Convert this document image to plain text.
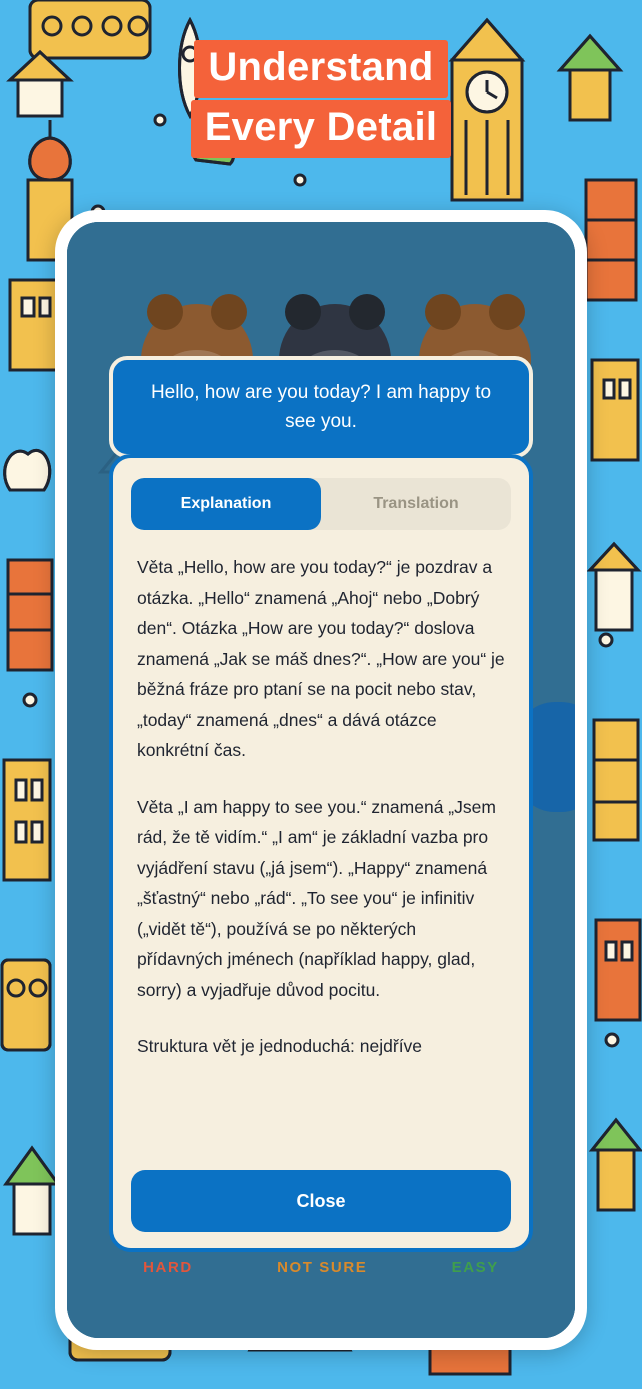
Understand
Every Detail
Hello, how are you today? I am happy to see you.
Explanation	Translation

Věta „Hello, how are you today?“ je pozdrav a otázka. „Hello“ znamená „Ahoj“ nebo „Dobrý den“. Otázka „How are you today?“ doslova znamená „Jak se máš dnes?“. „How are you“ je běžná fráze pro ptaní se na pocit nebo stav, „today“ znamená „dnes“ a dává otázce konkrétní čas.

Věta „I am happy to see you.“ znamená „Jsem rád, že tě vidím.“ „I am“ je základní vazba pro vyjádření stavu („já jsem“). „Happy“ znamená „šťastný“ nebo „rád“. „To see you“ je infinitiv („vidět tě“), používá se po některých přídavných jménech (například happy, glad, sorry) a vyjadřuje důvod pocitu.

Struktura vět je jednoduchá: nejdříve

Close
HARD	NOT SURE	EASY
